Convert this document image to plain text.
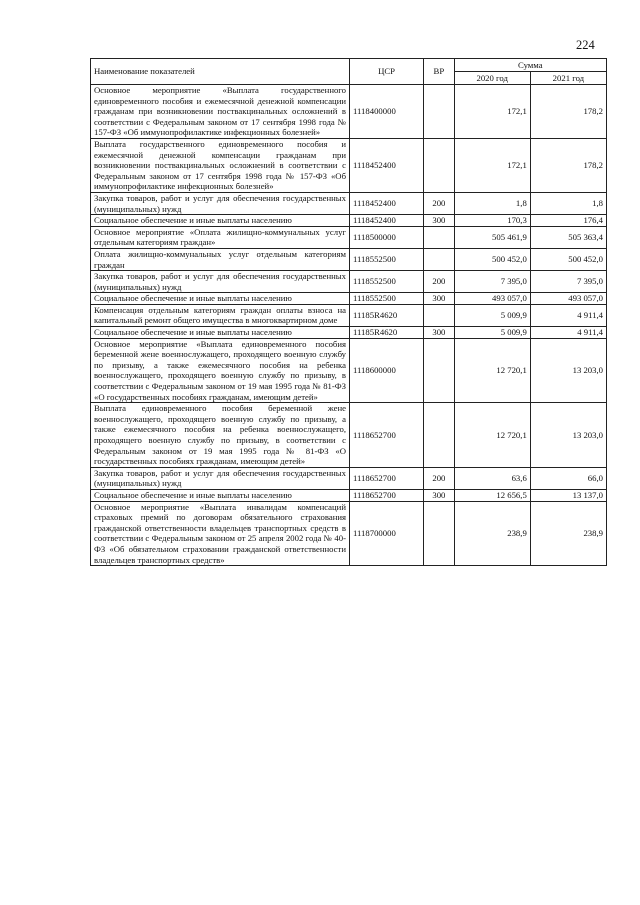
224
Наименование показателей	ЦСР	ВР	Сумма	
			2020 год	2021 год
Основное мероприятие «Выплата государственного единовременного пособия и ежемесячной денежной компенсации гражданам при возникновении поствакцинальных осложнений в соответствии с Федеральным законом от 17 сентября 1998 года № 157-ФЗ «Об иммунопрофилактике инфекционных болезней»	1118400000		172,1	178,2
Выплата государственного единовременного пособия и ежемесячной денежной компенсации гражданам при возникновении поствакцинальных осложнений в соответствии с Федеральным законом от 17 сентября 1998 года № 157-ФЗ «Об иммунопрофилактике инфекционных болезней»	1118452400		172,1	178,2
Закупка товаров, работ и услуг для обеспечения государственных (муниципальных) нужд	1118452400	200	1,8	1,8
Социальное обеспечение и иные выплаты населению	1118452400	300	170,3	176,4
Основное мероприятие «Оплата жилищно-коммунальных услуг отдельным категориям граждан»	1118500000		505 461,9	505 363,4
Оплата жилищно-коммунальных услуг отдельным категориям граждан	1118552500		500 452,0	500 452,0
Закупка товаров, работ и услуг для обеспечения государственных (муниципальных) нужд	1118552500	200	7 395,0	7 395,0
Социальное обеспечение и иные выплаты населению	1118552500	300	493 057,0	493 057,0
Компенсация отдельным категориям граждан оплаты взноса на капитальный ремонт общего имущества в многоквартирном доме	11185R4620		5 009,9	4 911,4
Социальное обеспечение и иные выплаты населению	11185R4620	300	5 009,9	4 911,4
Основное мероприятие «Выплата единовременного пособия беременной жене военнослужащего, проходящего военную службу по призыву, а также ежемесячного пособия на ребенка военнослужащего, проходящего военную службу по призыву, в соответствии с Федеральным законом от 19 мая 1995 года № 81-ФЗ «О государственных пособиях гражданам, имеющим детей»	1118600000		12 720,1	13 203,0
Выплата единовременного пособия беременной жене военнослужащего, проходящего военную службу по призыву, а также ежемесячного пособия на ребенка военнослужащего, проходящего военную службу по призыву, в соответствии с Федеральным законом от 19 мая 1995 года № 81-ФЗ «О государственных пособиях гражданам, имеющим детей»	1118652700		12 720,1	13 203,0
Закупка товаров, работ и услуг для обеспечения государственных (муниципальных) нужд	1118652700	200	63,6	66,0
Социальное обеспечение и иные выплаты населению	1118652700	300	12 656,5	13 137,0
Основное мероприятие «Выплата инвалидам компенсаций страховых премий по договорам обязательного страхования гражданской ответственности владельцев транспортных средств в соответствии с Федеральным законом от 25 апреля 2002 года № 40-ФЗ «Об обязательном страховании гражданской ответственности владельцев транспортных средств»	1118700000		238,9	238,9
